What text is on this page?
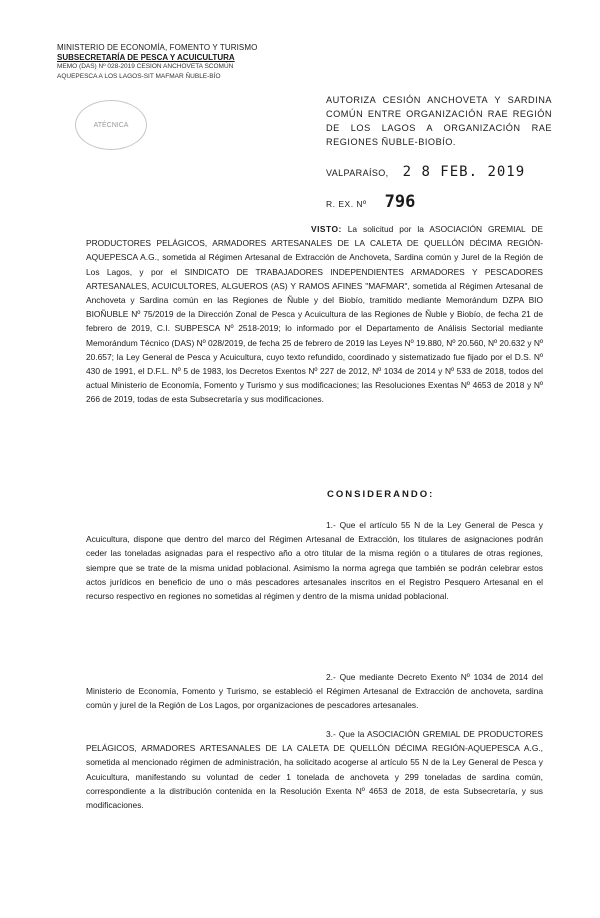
MINISTERIO DE ECONOMÍA, FOMENTO Y TURISMO
SUBSECRETARÍA DE PESCA Y ACUICULTURA
MEMO (DAS) Nº 028-2019 CESION ANCHOVETA SCOMÚN
AQUEPESCA A LOS LAGOS-SIT MAFMAR ÑUBLE-BÍO
ATÉCNICA
AUTORIZA CESIÓN ANCHOVETA Y SARDINA COMÚN ENTRE ORGANIZACIÓN RAE REGIÓN DE LOS LAGOS A ORGANIZACIÓN RAE REGIONES ÑUBLE-BIOBÍO.
VALPARAÍSO, 2 8 FEB. 2019
R. EX. Nº 796
VISTO: La solicitud por la ASOCIACIÓN GREMIAL DE PRODUCTORES PELÁGICOS, ARMADORES ARTESANALES DE LA CALETA DE QUELLÓN DÉCIMA REGIÓN-AQUEPESCA A.G., sometida al Régimen Artesanal de Extracción de Anchoveta, Sardina común y Jurel de la Región de Los Lagos, y por el SINDICATO DE TRABAJADORES INDEPENDIENTES ARMADORES Y PESCADORES ARTESANALES, ACUICULTORES, ALGUEROS (AS) Y RAMOS AFINES "MAFMAR", sometida al Régimen Artesanal de Anchoveta y Sardina común en las Regiones de Ñuble y del Biobío, tramitido mediante Memorándum DZPA BIO BIOÑUBLE Nº 75/2019 de la Dirección Zonal de Pesca y Acuicultura de las Regiones de Ñuble y Biobío, de fecha 21 de febrero de 2019, C.I. SUBPESCA Nº 2518-2019; lo informado por el Departamento de Análisis Sectorial mediante Memorándum Técnico (DAS) Nº 028/2019, de fecha 25 de febrero de 2019 las Leyes Nº 19.880, Nº 20.560, Nº 20.632 y Nº 20.657; la Ley General de Pesca y Acuicultura, cuyo texto refundido, coordinado y sistematizado fue fijado por el D.S. Nº 430 de 1991, el D.F.L. Nº 5 de 1983, los Decretos Exentos Nº 227 de 2012, Nº 1034 de 2014 y Nº 533 de 2018, todos del actual Ministerio de Economía, Fomento y Turismo y sus modificaciones; las Resoluciones Exentas Nº 4653 de 2018 y Nº 266 de 2019, todas de esta Subsecretaría y sus modificaciones.
CONSIDERANDO:
1.- Que el artículo 55 N de la Ley General de Pesca y Acuicultura, dispone que dentro del marco del Régimen Artesanal de Extracción, los titulares de asignaciones podrán ceder las toneladas asignadas para el respectivo año a otro titular de la misma región o a titulares de otras regiones, siempre que se trate de la misma unidad poblacional. Asimismo la norma agrega que también se podrán celebrar estos actos jurídicos en beneficio de uno o más pescadores artesanales inscritos en el Registro Pesquero Artesanal en el recurso respectivo en regiones no sometidas al régimen y dentro de la misma unidad poblacional.
2.- Que mediante Decreto Exento Nº 1034 de 2014 del Ministerio de Economía, Fomento y Turismo, se estableció el Régimen Artesanal de Extracción de anchoveta, sardina común y jurel de la Región de Los Lagos, por organizaciones de pescadores artesanales.
3.- Que la ASOCIACIÓN GREMIAL DE PRODUCTORES PELÁGICOS, ARMADORES ARTESANALES DE LA CALETA DE QUELLÓN DÉCIMA REGIÓN-AQUEPESCA A.G., sometida al mencionado régimen de administración, ha solicitado acogerse al artículo 55 N de la Ley General de Pesca y Acuicultura, manifestando su voluntad de ceder 1 tonelada de anchoveta y 299 toneladas de sardina común, correspondiente a la distribución contenida en la Resolución Exenta Nº 4653 de 2018, de esta Subsecretaría, y sus modificaciones.
